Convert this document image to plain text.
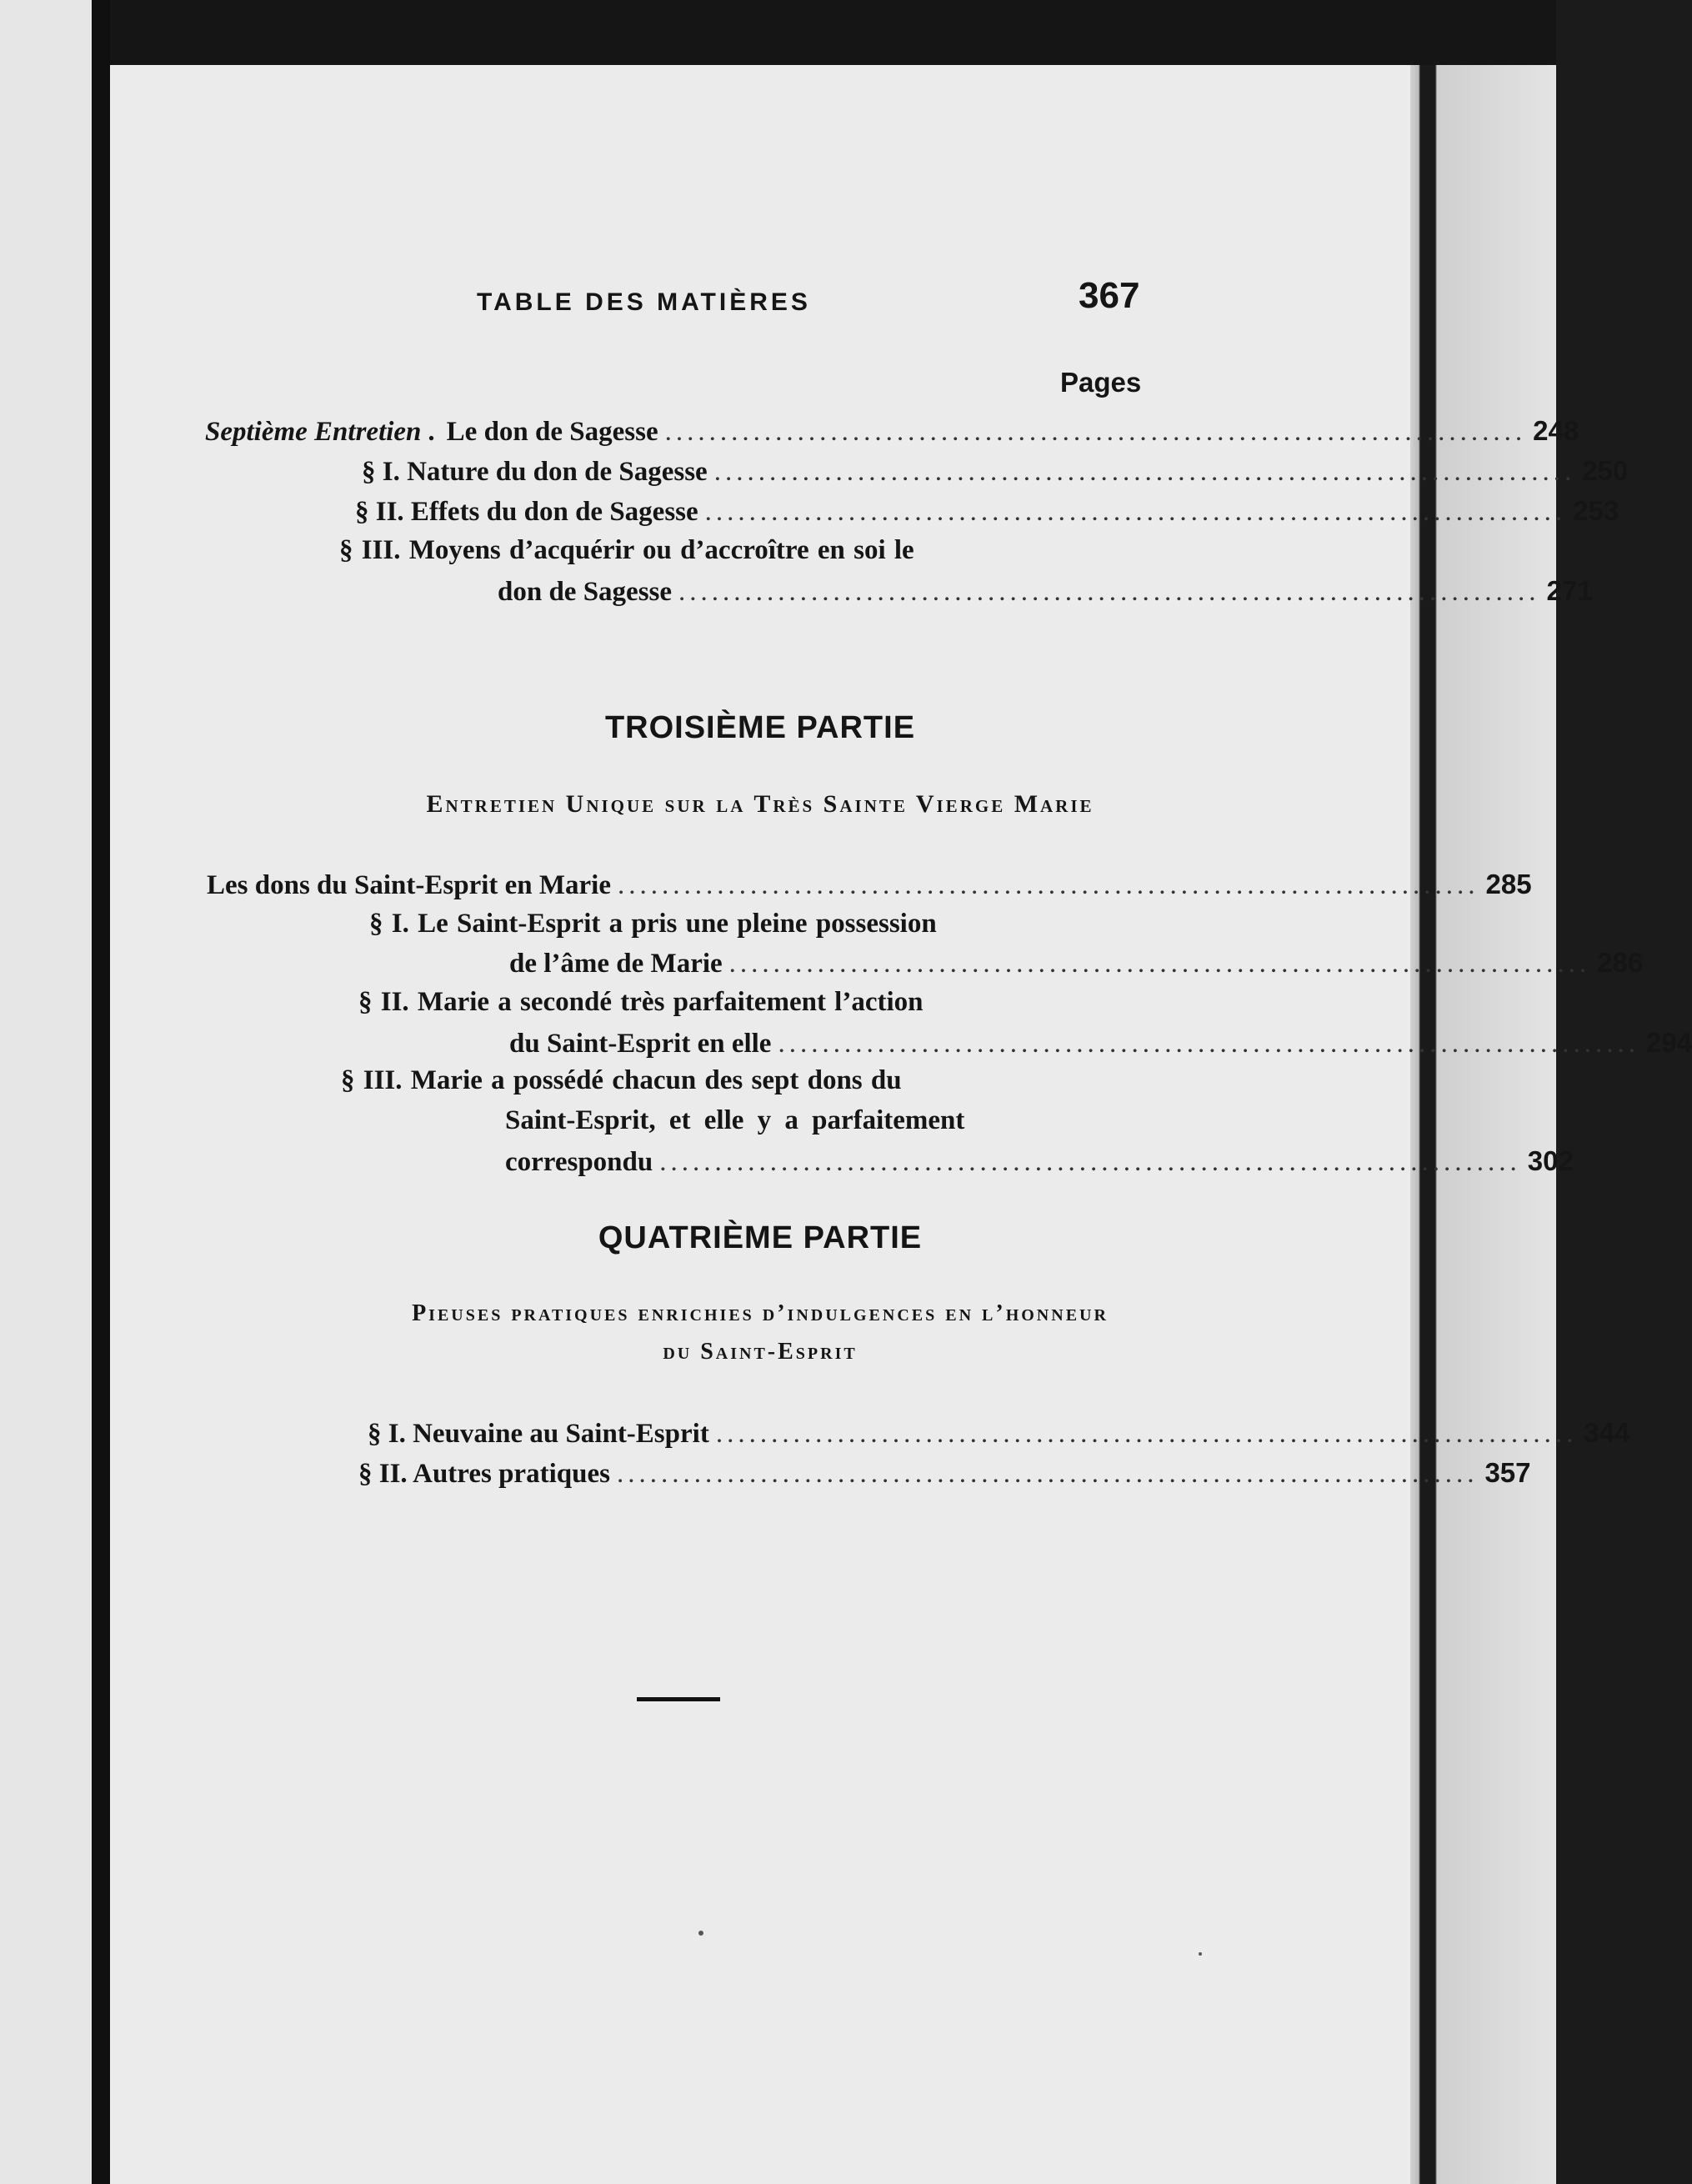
TABLE DES MATIÈRES	367
Pages
Septième Entretien . Le don de Sagesse .............................................................................. 248
§ I. Nature du don de Sagesse .............................................................................. 250
§ II. Effets du don de Sagesse .............................................................................. 253
§ III. Moyens d’acquérir ou d’accroître en soi le
don de Sagesse .............................................................................. 271
TROISIÈME PARTIE
Entretien Unique sur la Très Sainte Vierge Marie
Les dons du Saint-Esprit en Marie .............................................................................. 285
§ I. Le Saint-Esprit a pris une pleine possession
de l’âme de Marie .............................................................................. 286
§ II. Marie a secondé très parfaitement l’action
du Saint-Esprit en elle .............................................................................. 294
§ III. Marie a possédé chacun des sept dons du
Saint-Esprit, et elle y a parfaitement
correspondu .............................................................................. 302
QUATRIÈME PARTIE
Pieuses pratiques enrichies d’indulgences en l’honneur
du Saint-Esprit
§ I. Neuvaine au Saint-Esprit .............................................................................. 344
§ II. Autres pratiques .............................................................................. 357
